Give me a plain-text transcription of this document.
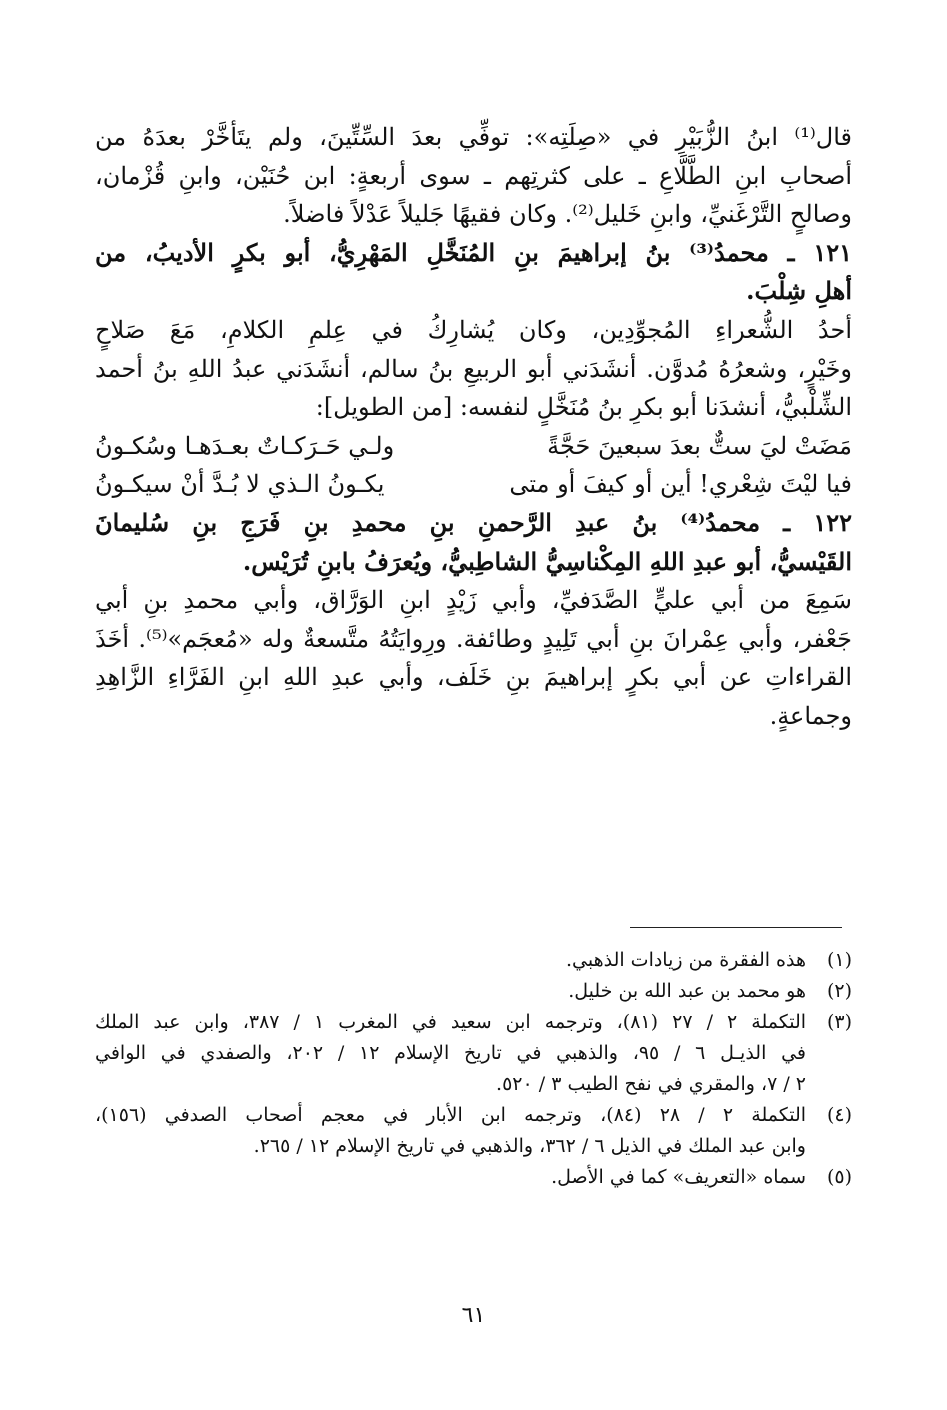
قال⁽¹⁾ ابنُ الزُّبَيْرِ في «صِلَتِه»: توفِّي بعدَ السِّتِّينَ، ولم يتَأخَّرْ بعدَهُ من
أصحابِ ابنِ الطَّلَّاعِ ـ على كثرتِهم ـ سوى أربعةٍ: ابن حُنَيْن، وابنِ قُزْمان،
وصالحٍ التَّرْغَنيِّ، وابنِ خَليل⁽²⁾. وكان فقيهًا جَليلاً عَدْلاً فاضلاً.
١٢١ ـ محمدُ⁽³⁾ بنُ إبراهيمَ بنِ المُنَخَّلِ المَهْرِيُّ، أبو بكرٍ الأديبُ، من
أهلِ شِلْبَ.
أحدُ الشُّعراءِ المُجوِّدِين، وكان يُشارِكُ في عِلمِ الكلامِ، مَعَ صَلاحٍ
وخَيْرٍ، وشعرُهُ مُدوَّن. أنشَدَني أبو الربيعِ بنُ سالم، أنشَدَني عبدُ اللهِ بنُ أحمد
الشِّلْبيُّ، أنشدَنا أبو بكرِ بنُ مُنَخَّلٍ لنفسه: [من الطويل]:
مَضَتْ ليَ ستٌّ بعدَ سبعينَ حَجَّةً
ولـي حَـرَكـاتٌ بعـدَهـا وسُكـونُ
فيا ليْتَ شِعْري! أين أو كيفَ أو متى
يكـونُ الـذي لا بُـدَّ أنْ سيكـونُ
١٢٢ ـ محمدُ⁽⁴⁾ بنُ عبدِ الرَّحمنِ بنِ محمدِ بنِ فَرَجِ بنِ سُليمانَ
القَيْسيُّ، أبو عبدِ اللهِ المِكْناسِيُّ الشاطِبيُّ، ويُعرَفُ بابنِ تُرَيْس.
سَمِعَ من أبي عليٍّ الصَّدَفيِّ، وأبي زَيْدٍ ابنِ الوَرَّاق، وأبي محمدِ بنِ أبي
جَعْفر، وأبي عِمْرانَ بنِ أبي تَلِيدٍ وطائفة. ورِوايَتُهُ متَّسعةٌ وله «مُعجَم»⁽⁵⁾. أخَذَ
القراءاتِ عن أبي بكرٍ إبراهيمَ بنِ خَلَف، وأبي عبدِ اللهِ ابنِ الفَرَّاءِ الزَّاهِدِ
وجماعةٍ.
(١)
هذه الفقرة من زيادات الذهبي.
(٢)
هو محمد بن عبد الله بن خليل.
(٣)
التكملة ٢ / ٢٧ (٨١)، وترجمه ابن سعيد في المغرب ١ / ٣٨٧، وابن عبد الملك
في الذيـل ٦ / ٩٥، والذهبي في تاريخ الإسلام ١٢ / ٢٠٢، والصفدي في الوافي
٢ / ٧، والمقري في نفح الطيب ٣ / ٥٢٠.
(٤)
التكملة ٢ / ٢٨ (٨٤)، وترجمه ابن الأبار في معجم أصحاب الصدفي (١٥٦)،
وابن عبد الملك في الذيل ٦ / ٣٦٢، والذهبي في تاريخ الإسلام ١٢ / ٢٦٥.
(٥)
سماه «التعريف» كما في الأصل.
٦١
